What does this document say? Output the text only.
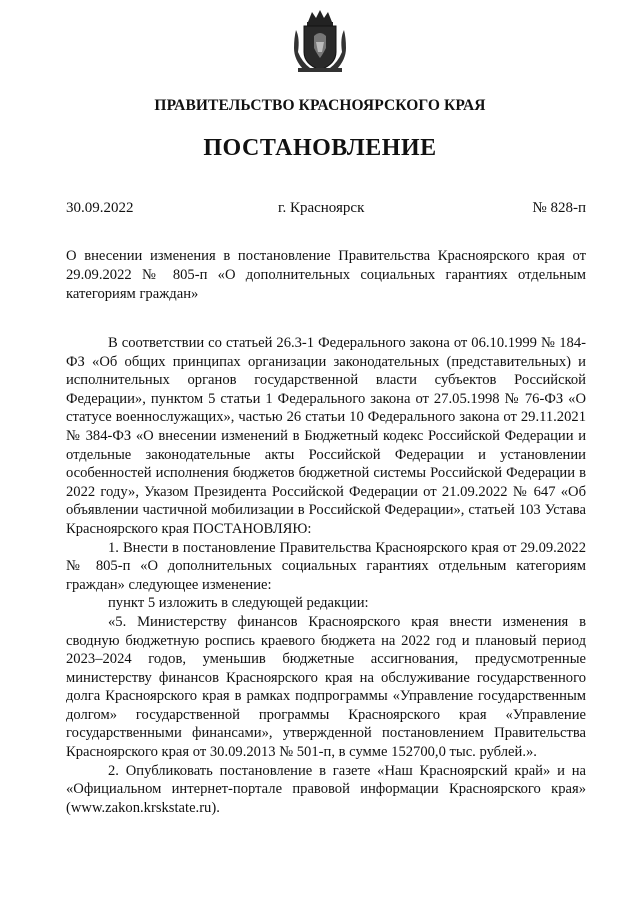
ПРАВИТЕЛЬСТВО КРАСНОЯРСКОГО КРАЯ
ПОСТАНОВЛЕНИЕ
30.09.2022	г. Красноярск	№ 828-п
О внесении изменения в постановление Правительства Красноярского края от 29.09.2022 № 805-п «О дополнительных социальных гарантиях отдельным категориям граждан»

В соответствии со статьей 26.3-1 Федерального закона от 06.10.1999 № 184-ФЗ «Об общих принципах организации законодательных (представительных) и исполнительных органов государственной власти субъектов Российской Федерации», пунктом 5 статьи 1 Федерального закона от 27.05.1998 № 76-ФЗ «О статусе военнослужащих», частью 26 статьи 10 Федерального закона от 29.11.2021 № 384-ФЗ «О внесении изменений в Бюджетный кодекс Российской Федерации и отдельные законодательные акты Российской Федерации и установлении особенностей исполнения бюджетов бюджетной системы Российской Федерации в 2022 году», Указом Президента Российской Федерации от 21.09.2022 № 647 «Об объявлении частичной мобилизации в Российской Федерации», статьей 103 Устава Красноярского края ПОСТАНОВЛЯЮ:

1. Внести в постановление Правительства Красноярского края от 29.09.2022 № 805-п «О дополнительных социальных гарантиях отдельным категориям граждан» следующее изменение:

пункт 5 изложить в следующей редакции:

«5. Министерству финансов Красноярского края внести изменения в сводную бюджетную роспись краевого бюджета на 2022 год и плановый период 2023–2024 годов, уменьшив бюджетные ассигнования, предусмотренные министерству финансов Красноярского края на обслуживание государственного долга Красноярского края в рамках подпрограммы «Управление государственным долгом» государственной программы Красноярского края «Управление государственными финансами», утвержденной постановлением Правительства Красноярского края от 30.09.2013 № 501-п, в сумме 152700,0 тыс. рублей.».

2. Опубликовать постановление в газете «Наш Красноярский край» и на «Официальном интернет-портале правовой информации Красноярского края» (www.zakon.krskstate.ru).
